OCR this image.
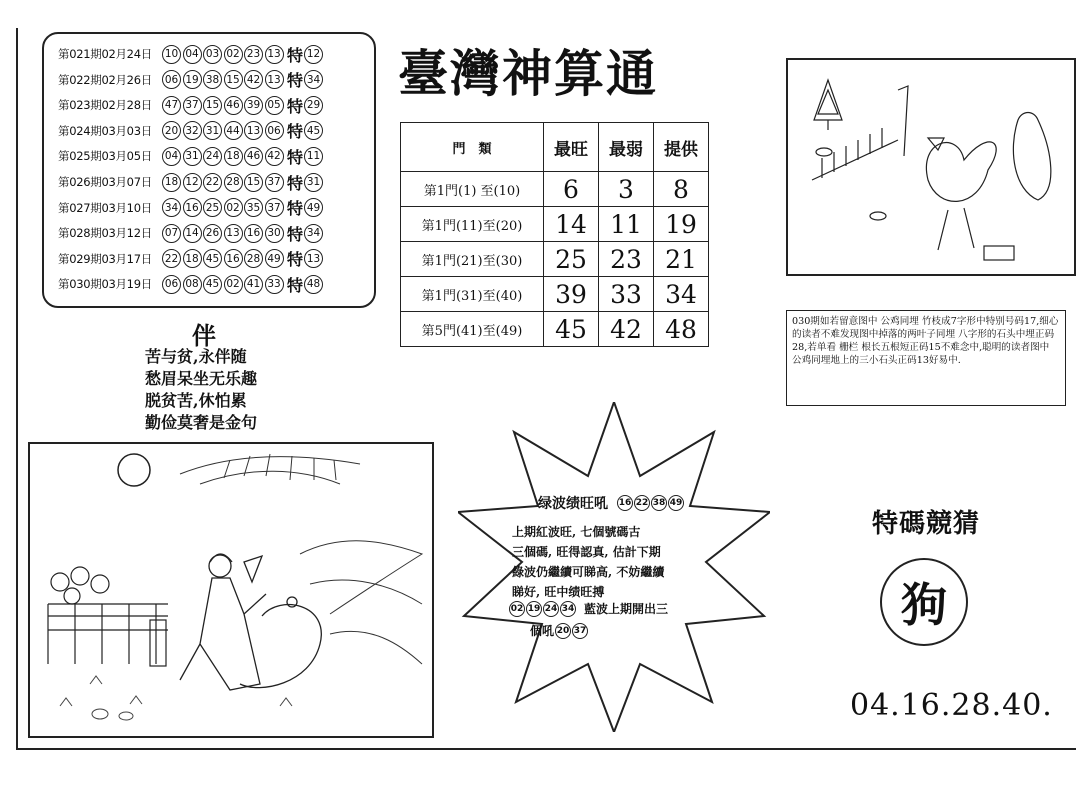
第021期02月24日	10 04 03 02 23 13 特 12
第022期02月26日	06 19 38 15 42 13 特 34
第023期02月28日	47 37 15 46 39 05 特 29
第024期03月03日	20 32 31 44 13 06 特 45
第025期03月05日	04 31 24 18 46 42 特 11
第026期03月07日	18 12 22 28 15 37 特 31
第027期03月10日	34 16 25 02 35 37 特 49
第028期03月12日	07 14 26 13 16 30 特 34
第029期03月17日	22 18 45 16 28 49 特 13
第030期03月19日	06 08 45 02 41 33 特 48
臺灣神算通
門　類	最旺	最弱	提供
第1門(1) 至(10)	6	3	8
第1門(11)至(20)	14	11	19
第1門(21)至(30)	25	23	21
第1門(31)至(40)	39	33	34
第5門(41)至(49)	45	42	48
伴
苦与贫,永伴随
愁眉呆坐无乐趣
脱贫苦,休怕累
勤俭莫奢是金句
030期如若留意图中 公鸡同埋 竹枝成7字形中特别号码17,细心的读者不难发现图中掉落的两叶子同埋 八字形的石头中埋正码28,若单看 栅栏 根长五根短正码15不难念中,聪明的读者图中 公鸡同埋地上的三小石头正码13好易中.
绿波绩旺吼 16 22 38 49
上期紅波旺, 七個號碼古
三個碼, 旺得認真, 估計下期
綠波仍繼續可睇高, 不妨繼續
睇好, 旺中绩旺搏
02 19 24 34 藍波上期開出三
個吼 20 37
特碼競猜
狗
04.16.28.40.
